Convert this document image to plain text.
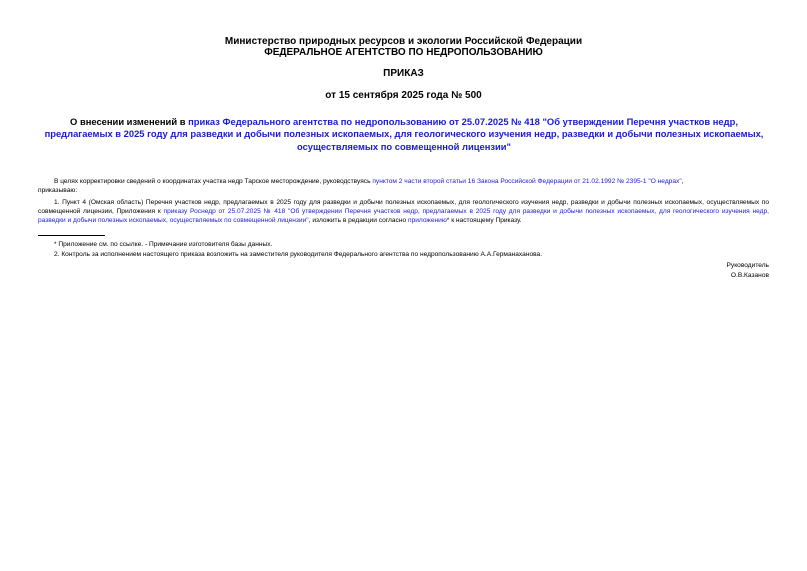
Министерство природных ресурсов и экологии Российской Федерации
ФЕДЕРАЛЬНОЕ АГЕНТСТВО ПО НЕДРОПОЛЬЗОВАНИЮ
ПРИКАЗ
от 15 сентября 2025 года № 500
О внесении изменений в приказ Федерального агентства по недропользованию от 25.07.2025 № 418 "Об утверждении Перечня участков недр, предлагаемых в 2025 году для разведки и добычи полезных ископаемых, для геологического изучения недр, разведки и добычи полезных ископаемых, осуществляемых по совмещенной лицензии"
В целях корректировки сведений о координатах участка недр Тарское месторождение, руководствуясь пунктом 2 части второй статьи 16 Закона Российской Федерации от 21.02.1992 № 2395-1 "О недрах",
приказываю:
1. Пункт 4 (Омская область) Перечня участков недр, предлагаемых в 2025 году для разведки и добычи полезных ископаемых, для геологического изучения недр, разведки и добычи полезных ископаемых, осуществляемых по совмещенной лицензии, Приложения к приказу Роснедр от 25.07.2025 № 418 "Об утверждении Перечня участков недр, предлагаемых в 2025 году для разведки и добычи полезных ископаемых, для геологического изучения недр, разведки и добычи полезных ископаемых, осуществляемых по совмещенной лицензии", изложить в редакции согласно приложению* к настоящему Приказу.
* Приложение см. по ссылке. - Примечание изготовителя базы данных.
2. Контроль за исполнением настоящего приказа возложить на заместителя руководителя Федерального агентства по недропользованию А.А.Германаханова.
Руководитель
О.В.Казанов
